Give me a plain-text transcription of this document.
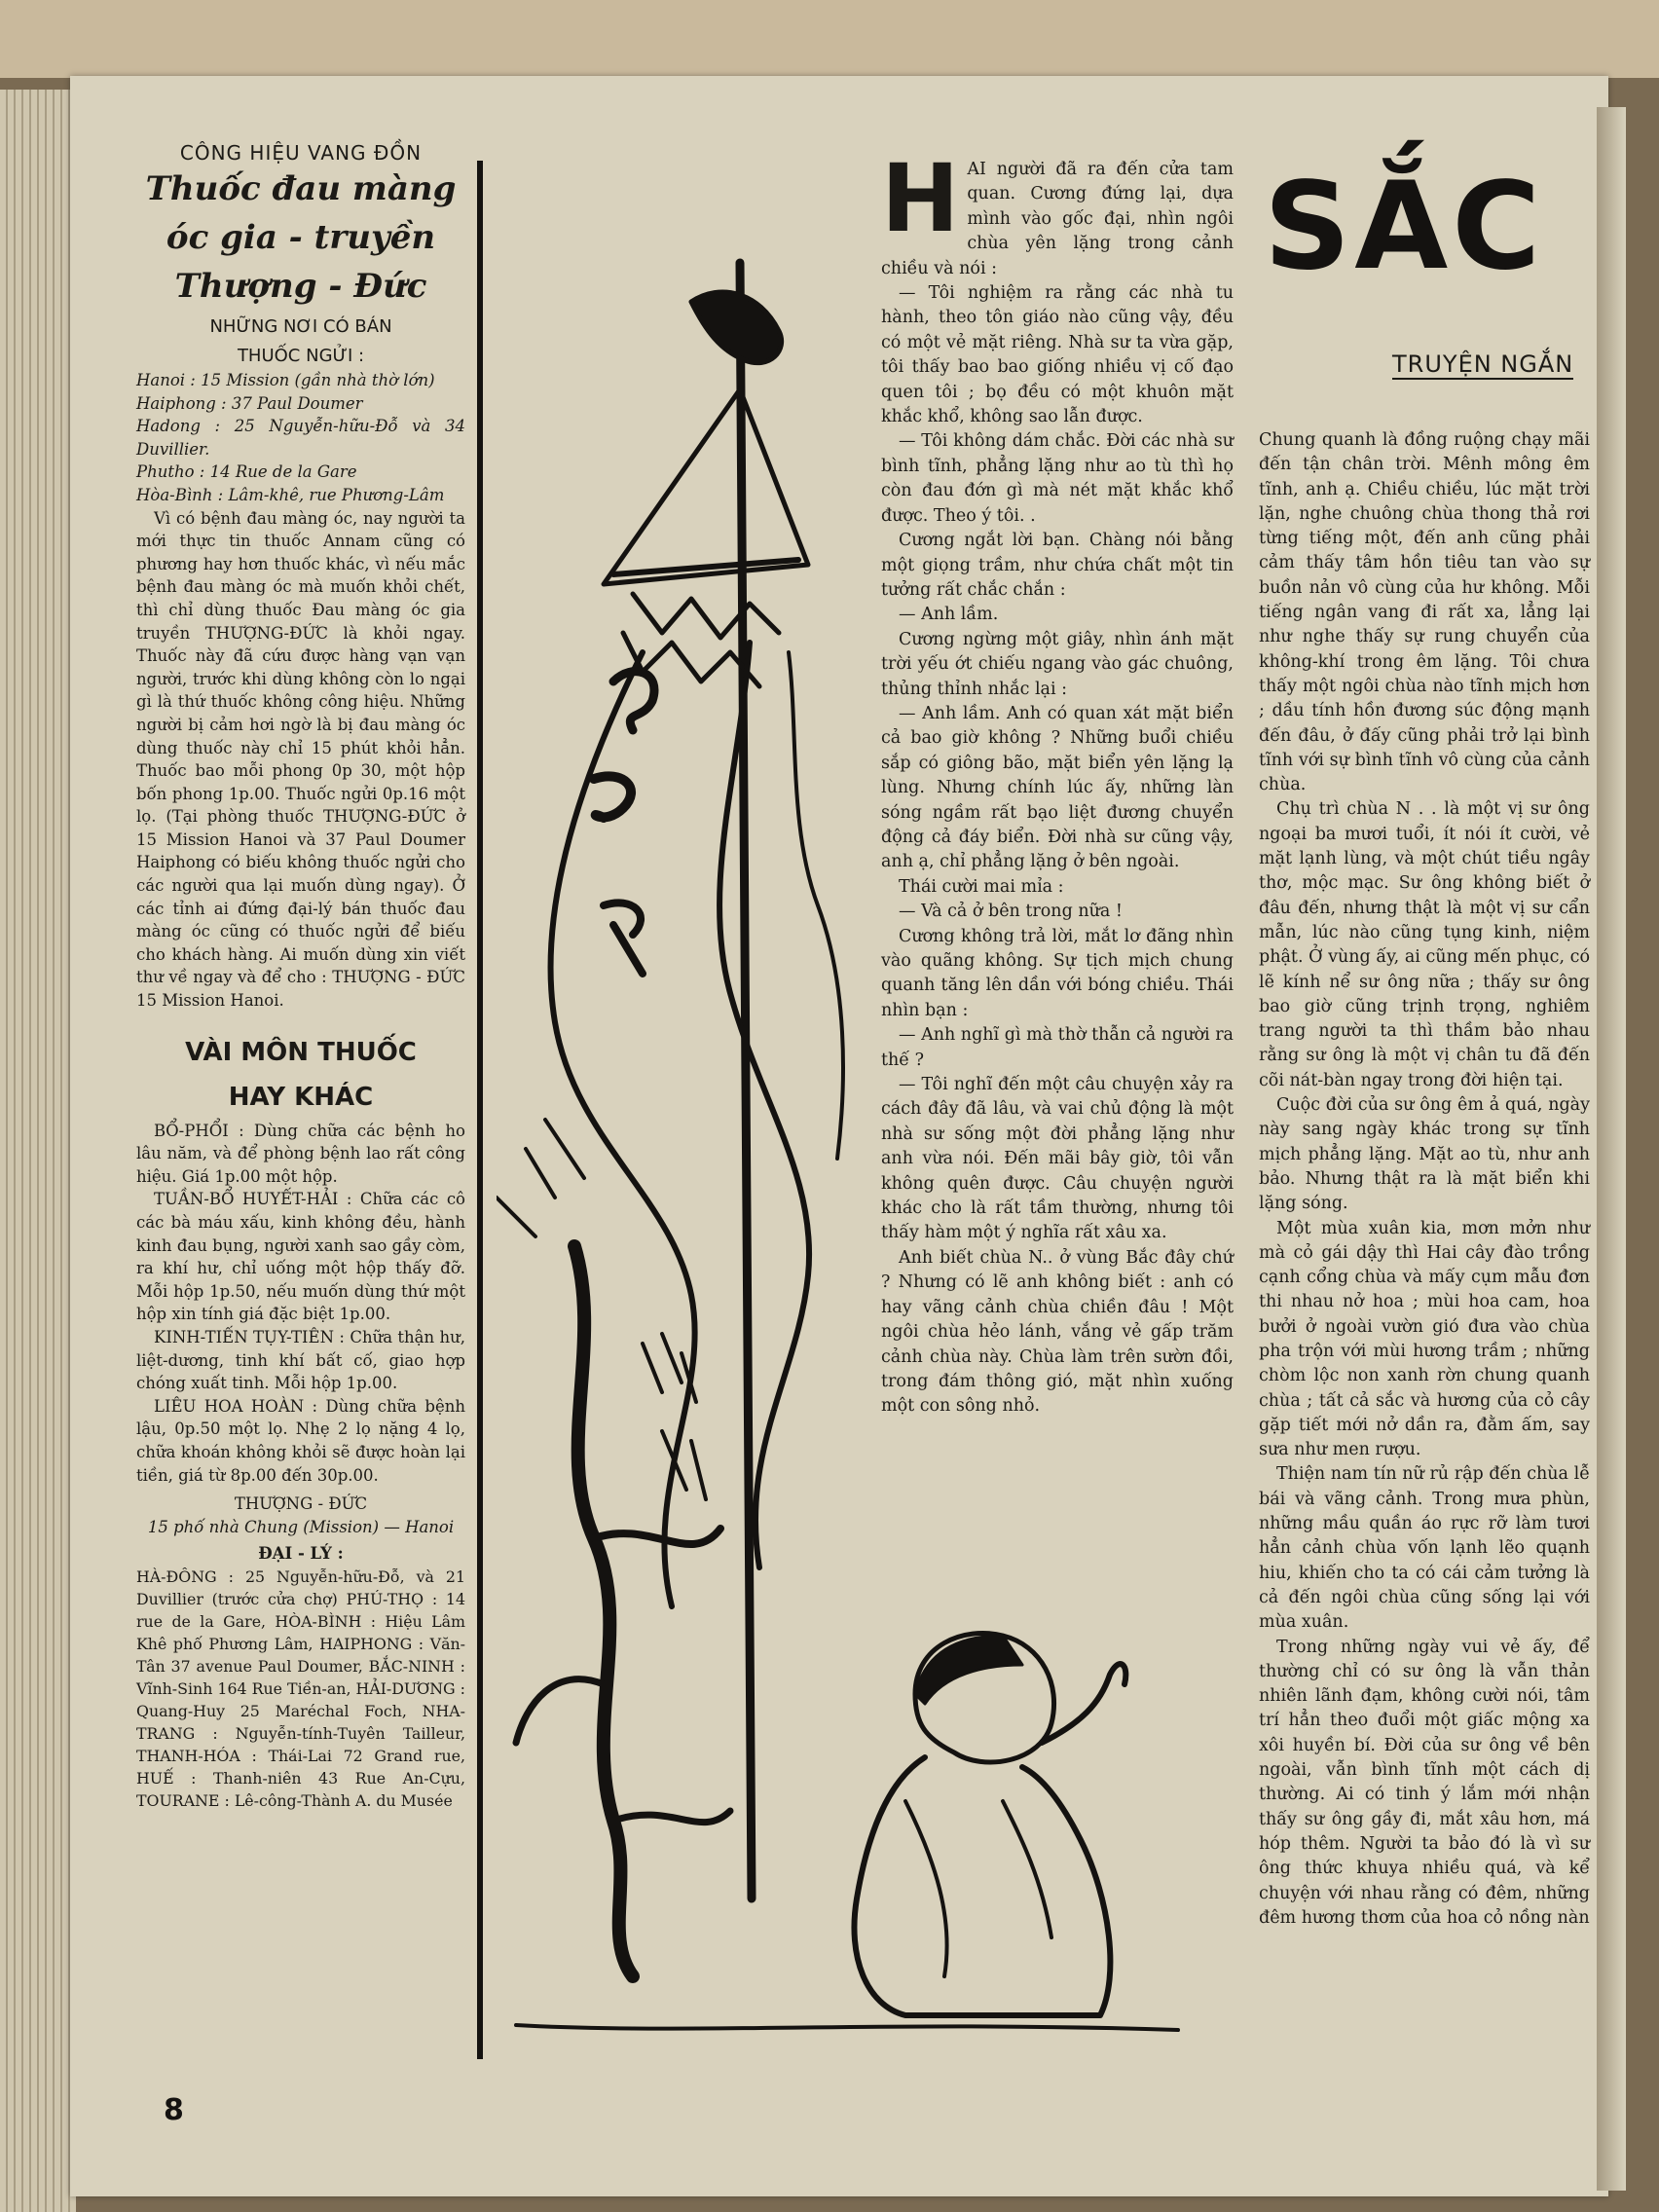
CÔNG HIỆU VANG ĐỒN
Thuốc đau màng
óc gia - truyền
Thượng - Đức
NHỮNG NƠI CÓ BÁN
THUỐC NGỬI :

Hanoi : 15 Mission (gần nhà thờ lớn)

Haiphong : 37 Paul Doumer

Hadong : 25 Nguyễn-hữu-Đỗ và 34 Duvillier.

Phutho : 14 Rue de la Gare

Hòa-Bình : Lâm-khê, rue Phương-Lâm

Vì có bệnh đau màng óc, nay người ta mới thực tin thuốc Annam cũng có phương hay hơn thuốc khác, vì nếu mắc bệnh đau màng óc mà muốn khỏi chết, thì chỉ dùng thuốc Đau màng óc gia truyền THƯỢNG-ĐỨC là khỏi ngay. Thuốc này đã cứu được hàng vạn vạn người, trước khi dùng không còn lo ngại gì là thứ thuốc không công hiệu. Những người bị cảm hơi ngờ là bị đau màng óc dùng thuốc này chỉ 15 phút khỏi hẳn. Thuốc bao mỗi phong 0p 30, một hộp bốn phong 1p.00. Thuốc ngửi 0p.16 một lọ. (Tại phòng thuốc THƯỢNG-ĐỨC ở 15 Mission Hanoi và 37 Paul Doumer Haiphong có biếu không thuốc ngửi cho các người qua lại muốn dùng ngay). Ở các tỉnh ai đứng đại-lý bán thuốc đau màng óc cũng có thuốc ngửi để biếu cho khách hàng. Ai muốn dùng xin viết thư về ngay và để cho : THƯỢNG - ĐỨC 15 Mission Hanoi.

VÀI MÔN THUỐC
HAY KHÁC

BỔ-PHỔI : Dùng chữa các bệnh ho lâu năm, và để phòng bệnh lao rất công hiệu. Giá 1p.00 một hộp.

TUẦN-BỔ HUYẾT-HẢI : Chữa các cô các bà máu xấu, kinh không đều, hành kinh đau bụng, người xanh sao gầy còm, ra khí hư, chỉ uống một hộp thấy đỡ. Mỗi hộp 1p.50, nếu muốn dùng thứ một hộp xin tính giá đặc biệt 1p.00.

KINH-TIẾN TỤY-TIÊN : Chữa thận hư, liệt-dương, tinh khí bất cố, giao hợp chóng xuất tinh. Mỗi hộp 1p.00.

LIÊU HOA HOÀN : Dùng chữa bệnh lậu, 0p.50 một lọ. Nhẹ 2 lọ nặng 4 lọ, chữa khoán không khỏi sẽ được hoàn lại tiền, giá từ 8p.00 đến 30p.00.

THƯỢNG - ĐỨC

15 phố nhà Chung (Mission) — Hanoi

ĐẠI - LÝ :

HÀ-ĐÔNG : 25 Nguyễn-hữu-Đỗ, và 21 Duvillier (trước cửa chợ) PHÚ-THỌ : 14 rue de la Gare, HÒA-BÌNH : Hiệu Lâm Khê phố Phương Lâm, HAIPHONG : Văn-Tân 37 avenue Paul Doumer, BẮC-NINH : Vĩnh-Sinh 164 Rue Tiền-an, HẢI-DƯƠNG : Quang-Huy 25 Maréchal Foch, NHA-TRANG : Nguyễn-tính-Tuyên Tailleur, THANH-HÓA : Thái-Lai 72 Grand rue, HUẾ : Thanh-niên 43 Rue An-Cựu, TOURANE : Lê-công-Thành A. du Musée

SẮC
TRUYỆN NGẮN
H AI người đã ra đến cửa tam quan. Cương đứng lại, dựa mình vào gốc đại, nhìn ngôi chùa yên lặng trong cảnh chiều và nói :

— Tôi nghiệm ra rằng các nhà tu hành, theo tôn giáo nào cũng vậy, đều có một vẻ mặt riêng. Nhà sư ta vừa gặp, tôi thấy bao bao giống nhiều vị cố đạo quen tôi ; bọ đều có một khuôn mặt khắc khổ, không sao lẫn được.

— Tôi không dám chắc. Đời các nhà sư bình tĩnh, phẳng lặng như ao tù thì họ còn đau đớn gì mà nét mặt khắc khổ được. Theo ý tôi. .

Cương ngắt lời bạn. Chàng nói bằng một giọng trầm, như chứa chất một tin tưởng rất chắc chắn :

— Anh lầm.

Cương ngừng một giây, nhìn ánh mặt trời yếu ớt chiếu ngang vào gác chuông, thủng thỉnh nhắc lại :

— Anh lầm. Anh có quan xát mặt biển cả bao giờ không ? Những buổi chiều sắp có giông bão, mặt biển yên lặng lạ lùng. Nhưng chính lúc ấy, những làn sóng ngầm rất bạo liệt đương chuyển động cả đáy biển. Đời nhà sư cũng vậy, anh ạ, chỉ phẳng lặng ở bên ngoài.

Thái cười mai mỉa :

— Và cả ở bên trong nữa !

Cương không trả lời, mắt lơ đãng nhìn vào quãng không. Sự tịch mịch chung quanh tăng lên dần với bóng chiều. Thái nhìn bạn :

— Anh nghĩ gì mà thờ thẫn cả người ra thế ?

— Tôi nghĩ đến một câu chuyện xảy ra cách đây đã lâu, và vai chủ động là một nhà sư sống một đời phẳng lặng như anh vừa nói. Đến mãi bây giờ, tôi vẫn không quên được. Câu chuyện người khác cho là rất tầm thường, nhưng tôi thấy hàm một ý nghĩa rất xâu xa.

Anh biết chùa N.. ở vùng Bắc đây chứ ? Nhưng có lẽ anh không biết : anh có hay vãng cảnh chùa chiền đâu ! Một ngôi chùa hẻo lánh, vắng vẻ gấp trăm cảnh chùa này. Chùa làm trên sườn đồi, trong đám thông gió, mặt nhìn xuống một con sông nhỏ.

Chung quanh là đồng ruộng chạy mãi đến tận chân trời. Mênh mông êm tĩnh, anh ạ. Chiều chiều, lúc mặt trời lặn, nghe chuông chùa thong thả rơi từng tiếng một, đến anh cũng phải cảm thấy tâm hồn tiêu tan vào sự buồn nản vô cùng của hư không. Mỗi tiếng ngân vang đi rất xa, lẳng lại như nghe thấy sự rung chuyển của không-khí trong êm lặng. Tôi chưa thấy một ngôi chùa nào tĩnh mịch hơn ; dầu tính hồn đương súc động mạnh đến đâu, ở đấy cũng phải trở lại bình tĩnh với sự bình tĩnh vô cùng của cảnh chùa.

Chụ trì chùa N . . là một vị sư ông ngoại ba mươi tuổi, ít nói ít cười, vẻ mặt lạnh lùng, và một chút tiều ngây thơ, mộc mạc. Sư ông không biết ở đâu đến, nhưng thật là một vị sư cẩn mẫn, lúc nào cũng tụng kinh, niệm phật. Ở vùng ấy, ai cũng mến phục, có lẽ kính nể sư ông nữa ; thấy sư ông bao giờ cũng trịnh trọng, nghiêm trang người ta thì thầm bảo nhau rằng sư ông là một vị chân tu đã đến cõi nát-bàn ngay trong đời hiện tại.

Cuộc đời của sư ông êm ả quá, ngày này sang ngày khác trong sự tĩnh mịch phẳng lặng. Mặt ao tù, như anh bảo. Nhưng thật ra là mặt biển khi lặng sóng.

Một mùa xuân kia, mơn mởn như mà cỏ gái dậy thì Hai cây đào trồng cạnh cổng chùa và mấy cụm mẫu đơn thi nhau nở hoa ; mùi hoa cam, hoa bưởi ở ngoài vườn gió đưa vào chùa pha trộn với mùi hương trầm ; những chòm lộc non xanh rờn chung quanh chùa ; tất cả sắc và hương của cỏ cây gặp tiết mới nở dần ra, đằm ấm, say sưa như men rượu.

Thiện nam tín nữ rủ rập đến chùa lễ bái và vãng cảnh. Trong mưa phùn, những mầu quần áo rực rỡ làm tươi hẳn cảnh chùa vốn lạnh lẽo quạnh hiu, khiến cho ta có cái cảm tưởng là cả đến ngôi chùa cũng sống lại với mùa xuân.

Trong những ngày vui vẻ ấy, để thường chỉ có sư ông là vẫn thản nhiên lãnh đạm, không cười nói, tâm trí hẳn theo đuổi một giấc mộng xa xôi huyền bí. Đời của sư ông về bên ngoài, vẫn bình tĩnh một cách dị thường. Ai có tinh ý lắm mới nhận thấy sư ông gầy đi, mắt xâu hơn, má hóp thêm. Người ta bảo đó là vì sư ông thức khuya nhiều quá, và kể chuyện với nhau rằng có đêm, những đêm hương thơm của hoa cỏ nồng nàn

8
